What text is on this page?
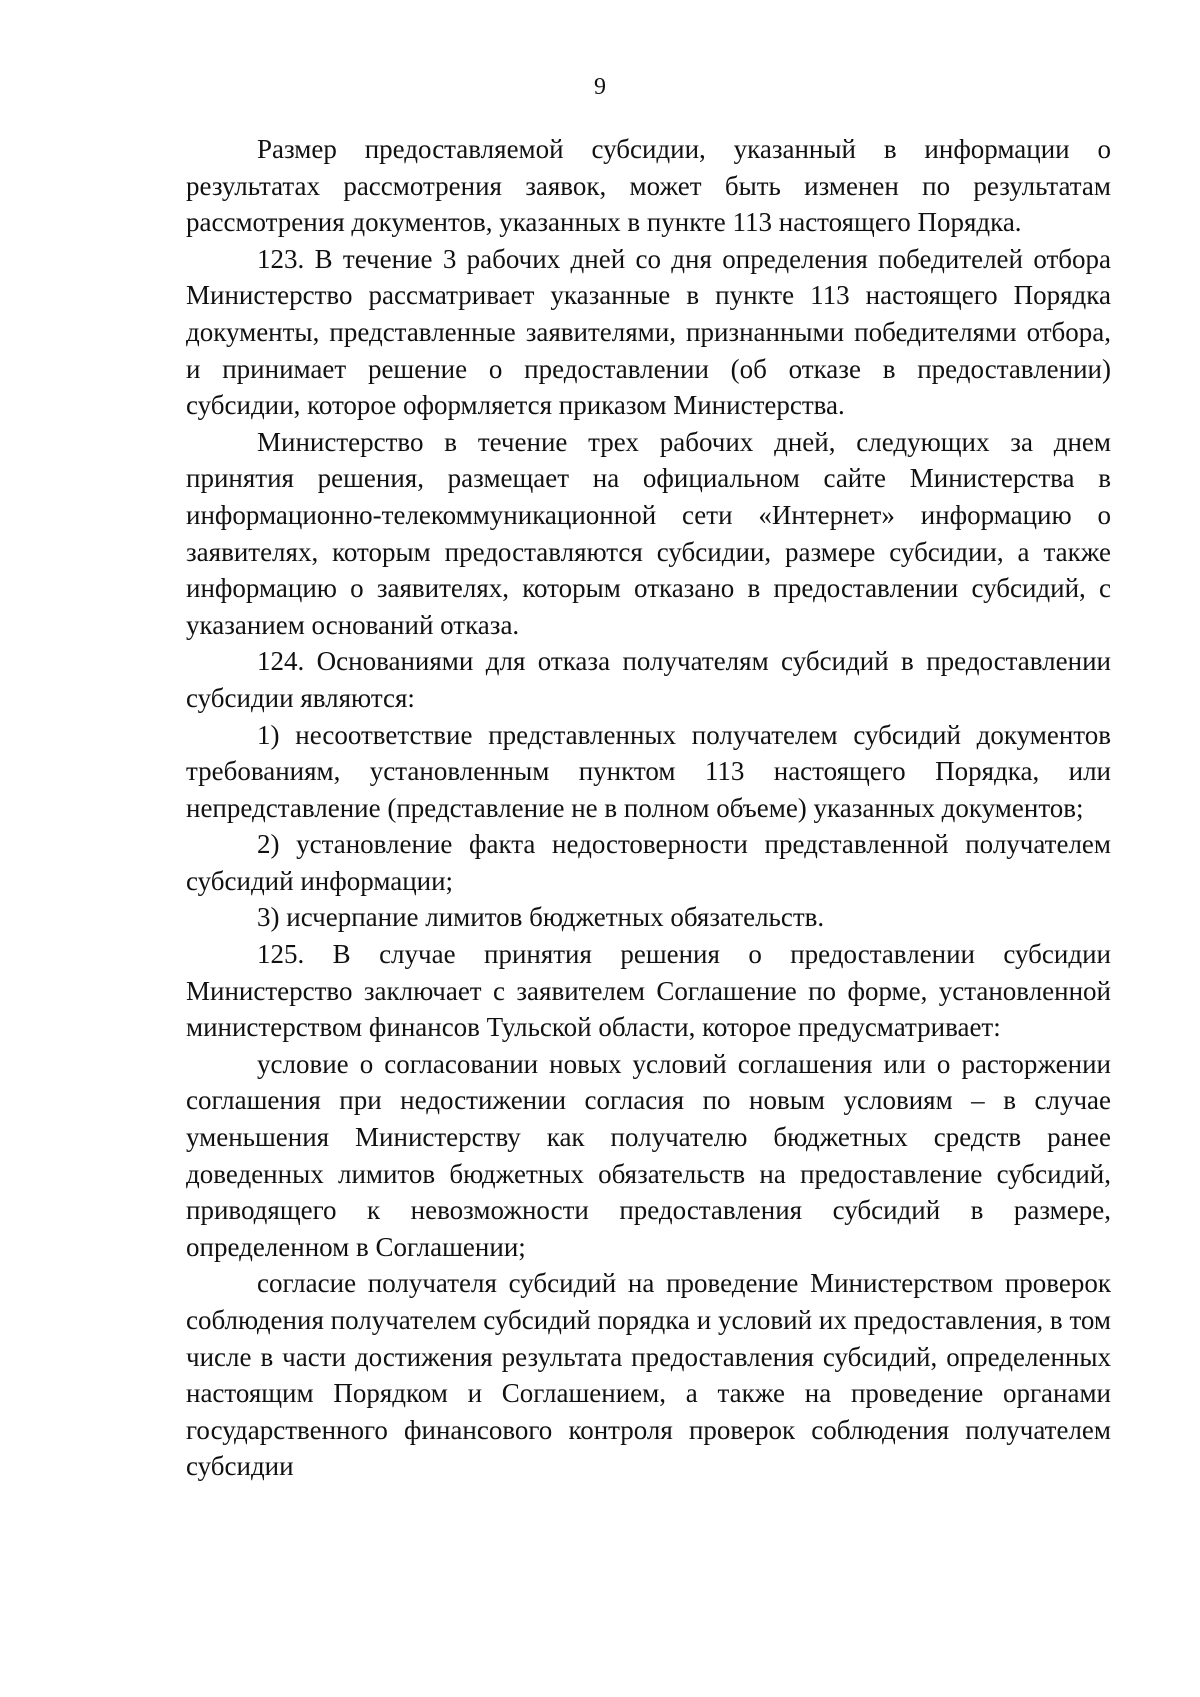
9

Размер предоставляемой субсидии, указанный в информации о результатах рассмотрения заявок, может быть изменен по результатам рассмотрения документов, указанных в пункте 113 настоящего Порядка.

123. В течение 3 рабочих дней со дня определения победителей отбора Министерство рассматривает указанные в пункте 113 настоящего Порядка документы, представленные заявителями, признанными победителями отбора, и принимает решение о предоставлении (об отказе в предоставлении) субсидии, которое оформляется приказом Министерства.

Министерство в течение трех рабочих дней, следующих за днем принятия решения, размещает на официальном сайте Министерства в информационно-телекоммуникационной сети «Интернет» информацию о заявителях, которым предоставляются субсидии, размере субсидии, а также информацию о заявителях, которым отказано в предоставлении субсидий, с указанием оснований отказа.

124. Основаниями для отказа получателям субсидий в предоставлении субсидии являются:

1) несоответствие представленных получателем субсидий документов требованиям, установленным пунктом 113 настоящего Порядка, или непредставление (представление не в полном объеме) указанных документов;

2) установление факта недостоверности представленной получателем субсидий информации;

3) исчерпание лимитов бюджетных обязательств.

125. В случае принятия решения о предоставлении субсидии Министерство заключает с заявителем Соглашение по форме, установленной министерством финансов Тульской области, которое предусматривает:

условие о согласовании новых условий соглашения или о расторжении соглашения при недостижении согласия по новым условиям – в случае уменьшения Министерству как получателю бюджетных средств ранее доведенных лимитов бюджетных обязательств на предоставление субсидий, приводящего к невозможности предоставления субсидий в размере, определенном в Соглашении;

согласие получателя субсидий на проведение Министерством проверок соблюдения получателем субсидий порядка и условий их предоставления, в том числе в части достижения результата предоставления субсидий, определенных настоящим Порядком и Соглашением, а также на проведение органами государственного финансового контроля проверок соблюдения получателем субсидии
